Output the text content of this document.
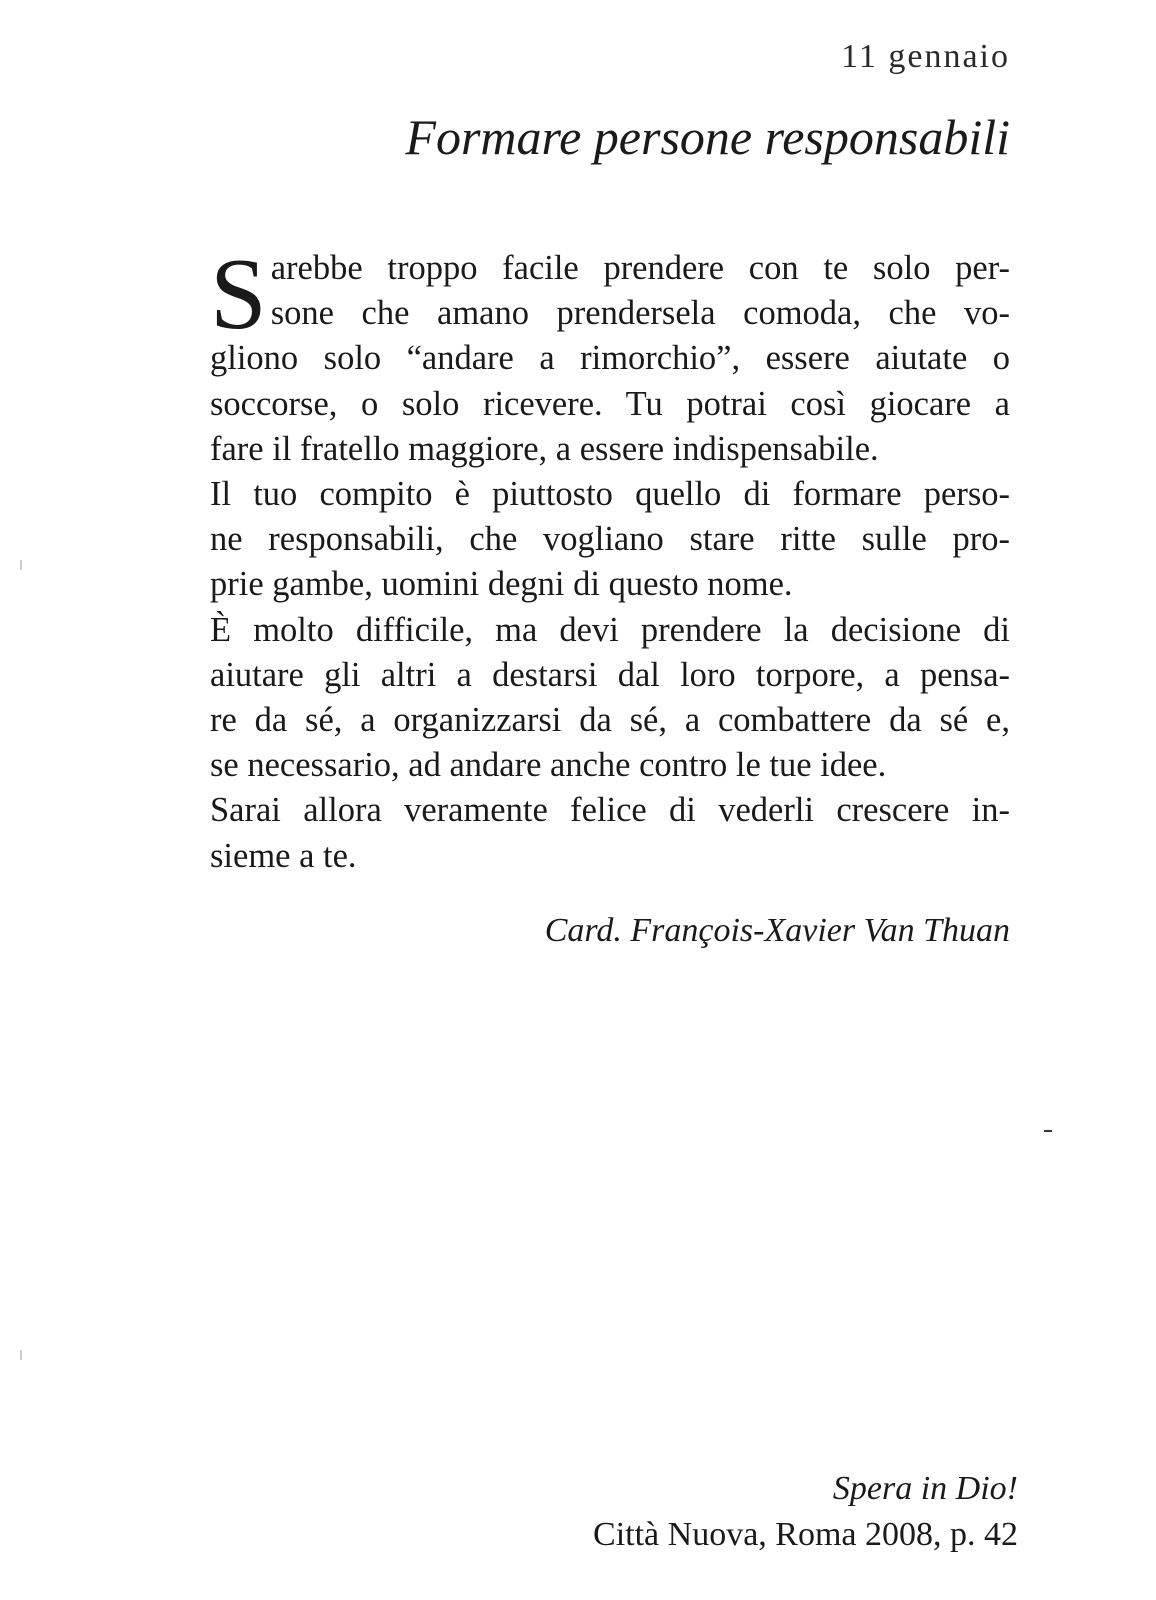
11 gennaio
Formare persone responsabili
S arebbe troppo facile prendere con te solo per-
sone che amano prendersela comoda, che vo-
gliono solo “andare a rimorchio”, essere aiutate o
soccorse, o solo ricevere. Tu potrai così giocare a
fare il fratello maggiore, a essere indispensabile.
Il tuo compito è piuttosto quello di formare perso-
ne responsabili, che vogliano stare ritte sulle pro-
prie gambe, uomini degni di questo nome.
È molto difficile, ma devi prendere la decisione di
aiutare gli altri a destarsi dal loro torpore, a pensa-
re da sé, a organizzarsi da sé, a combattere da sé e,
se necessario, ad andare anche contro le tue idee.
Sarai allora veramente felice di vederli crescere in-
sieme a te.
Card. François-Xavier Van Thuan
Spera in Dio!
Città Nuova, Roma 2008, p. 42
